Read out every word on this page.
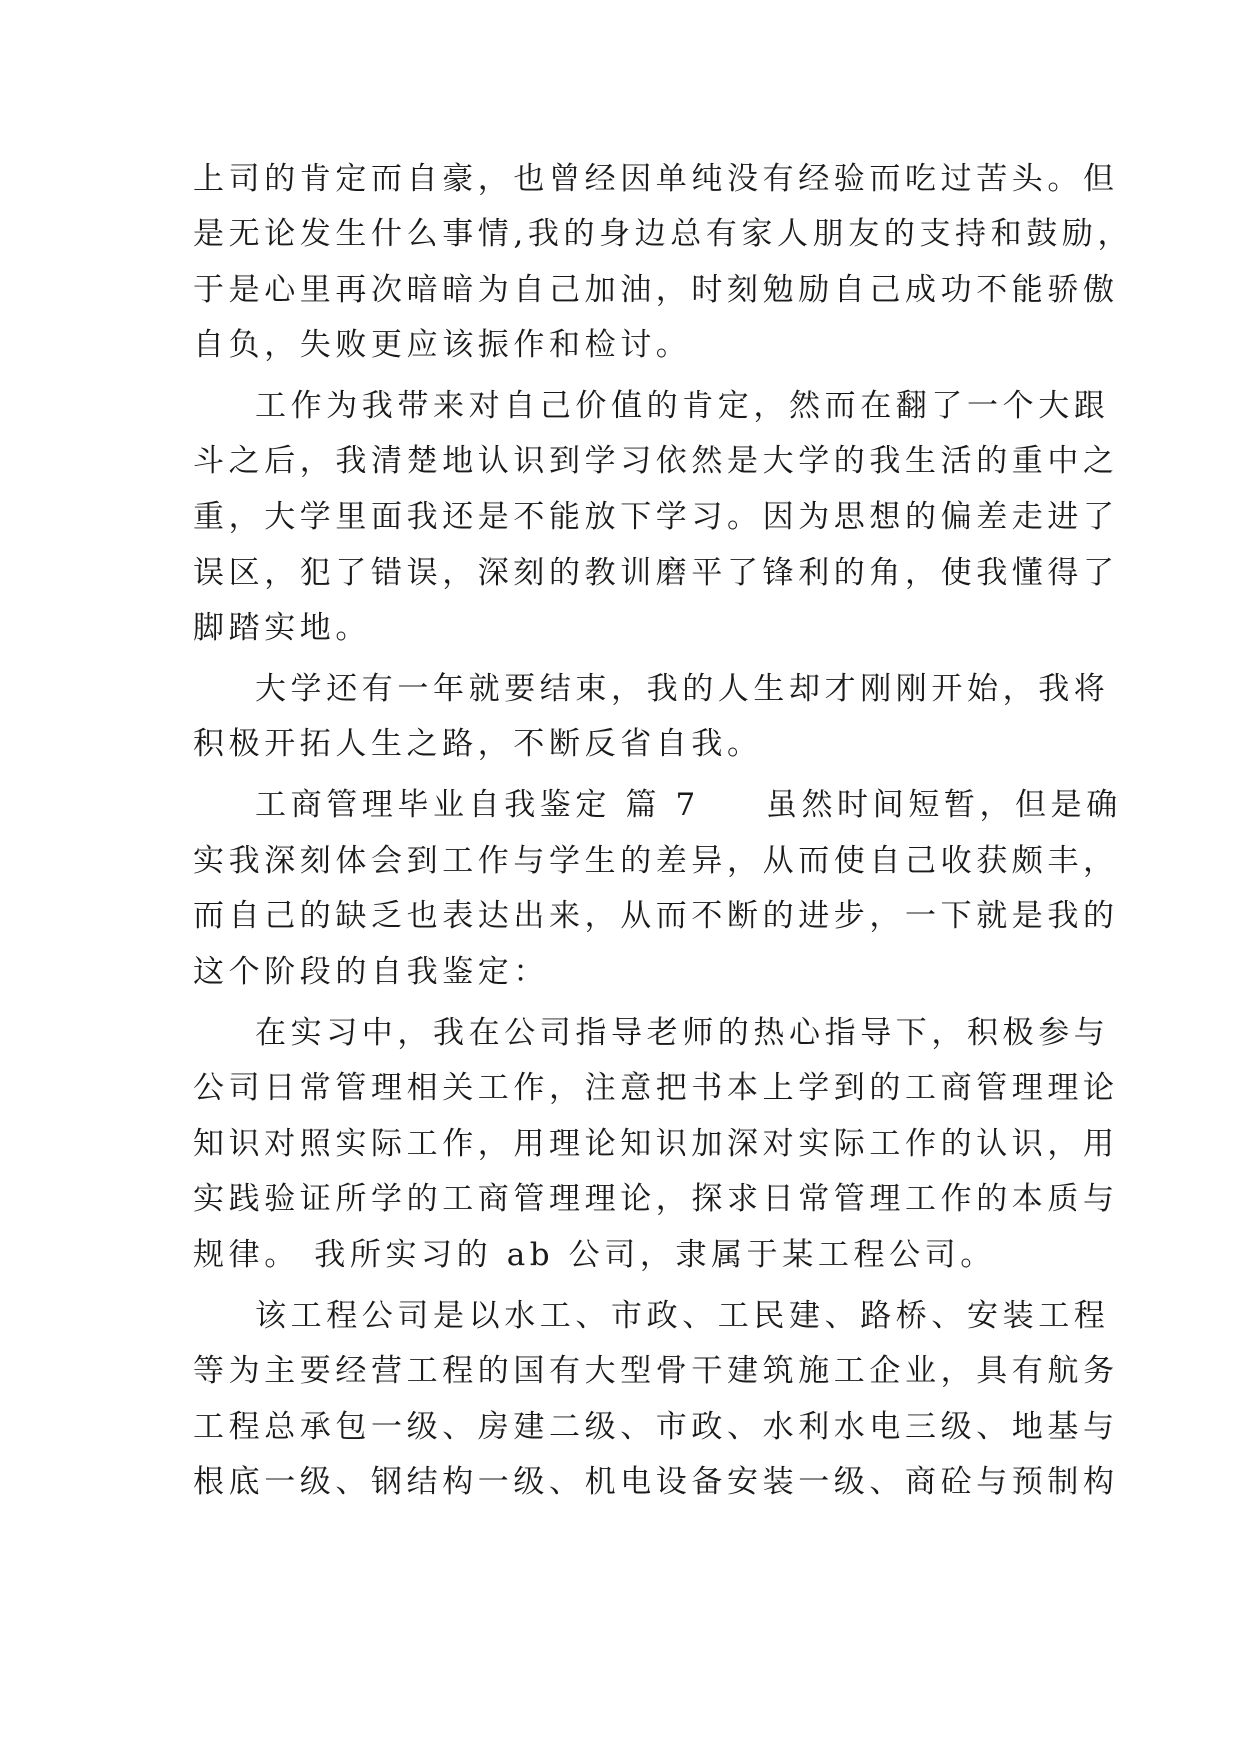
上司的肯定而自豪，也曾经因单纯没有经验而吃过苦头。但

是无论发生什么事情,我的身边总有家人朋友的支持和鼓励，

于是心里再次暗暗为自己加油，时刻勉励自己成功不能骄傲

自负，失败更应该振作和检讨。

工作为我带来对自己价值的肯定，然而在翻了一个大跟

斗之后，我清楚地认识到学习依然是大学的我生活的重中之

重，大学里面我还是不能放下学习。因为思想的偏差走进了

误区，犯了错误，深刻的教训磨平了锋利的角，使我懂得了

脚踏实地。

大学还有一年就要结束，我的人生却才刚刚开始，我将

积极开拓人生之路，不断反省自我。

工商管理毕业自我鉴定 篇 7 虽然时间短暂，但是确

实我深刻体会到工作与学生的差异，从而使自己收获颇丰，

而自己的缺乏也表达出来，从而不断的进步，一下就是我的

这个阶段的自我鉴定：

在实习中，我在公司指导老师的热心指导下，积极参与

公司日常管理相关工作，注意把书本上学到的工商管理理论

知识对照实际工作，用理论知识加深对实际工作的认识，用

实践验证所学的工商管理理论，探求日常管理工作的本质与

规律。 我所实习的 ab 公司，隶属于某工程公司。

该工程公司是以水工、市政、工民建、路桥、安装工程

等为主要经营工程的国有大型骨干建筑施工企业，具有航务

工程总承包一级、房建二级、市政、水利水电三级、地基与

根底一级、钢结构一级、机电设备安装一级、商砼与预制构
